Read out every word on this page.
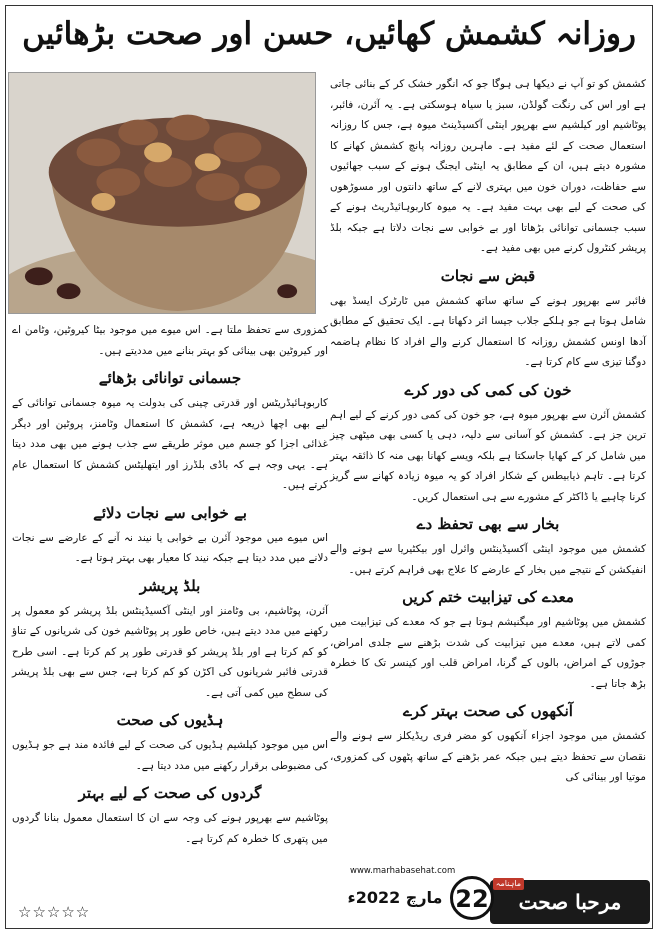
روزانہ کشمش کھائیں، حسن اور صحت بڑھائیں

کشمش کو تو آپ نے دیکھا ہی ہوگا جو کہ انگور خشک کر کے بنائی جاتی ہے اور اس کی رنگت گولڈن، سبز یا سیاہ ہوسکتی ہے۔ یہ آئرن، فائبر، پوٹاشیم اور کیلشیم سے بھرپور اینٹی آکسیڈینٹ میوہ ہے، جس کا روزانہ استعمال صحت کے لئے مفید ہے۔ ماہرین روزانہ پانچ کشمش کھانے کا مشورہ دیتے ہیں، ان کے مطابق یہ اینٹی ایجنگ ہونے کے سبب جھائیوں سے حفاظت، دوران خون میں بہتری لانے کے ساتھ دانتوں اور مسوڑھوں کی صحت کے لیے بھی بہت مفید ہے۔ یہ میوہ کاربوہائیڈریٹ ہونے کے سبب جسمانی توانائی بڑھاتا اور بے خوابی سے نجات دلاتا ہے جبکہ بلڈ پریشر کنٹرول کرنے میں بھی مفید ہے۔

قبض سے نجات

فائبر سے بھرپور ہونے کے ساتھ ساتھ کشمش میں ٹارٹرک ایسڈ بھی شامل ہوتا ہے جو ہلکے جلاب جیسا اثر دکھاتا ہے۔ ایک تحقیق کے مطابق آدھا اونس کشمش روزانہ کا استعمال کرنے والے افراد کا نظام ہاضمہ دوگنا تیزی سے کام کرتا ہے۔

خون کی کمی کی دور کرے

کشمش آئرن سے بھرپور میوہ ہے، جو خون کی کمی دور کرنے کے لیے اہم ترین جز ہے۔ کشمش کو آسانی سے دلیہ، دہی یا کسی بھی میٹھی چیز میں شامل کر کے کھایا جاسکتا ہے بلکہ ویسے کھانا بھی منہ کا ذائقہ بہتر کرتا ہے۔ تاہم ذیابیطس کے شکار افراد کو یہ میوہ زیادہ کھانے سے گریز کرنا چاہیے یا ڈاکٹر کے مشورے سے ہی استعمال کریں۔

بخار سے بھی تحفظ دے

کشمش میں موجود اینٹی آکسیڈینٹس وائرل اور بیکٹیریا سے ہونے والے انفیکشن کے نتیجے میں بخار کے عارضے کا علاج بھی فراہم کرتے ہیں۔

معدے کی تیزابیت ختم کریں

کشمش میں پوٹاشیم اور میگنیشم ہوتا ہے جو کہ معدے کی تیزابیت میں کمی لاتے ہیں، معدے میں تیزابیت کی شدت بڑھنے سے جلدی امراض، جوڑوں کے امراض، بالوں کے گرنا، امراض قلب اور کینسر تک کا خطرہ بڑھ جاتا ہے۔

آنکھوں کی صحت بہتر کرے

کشمش میں موجود اجزاء آنکھوں کو مضر فری ریڈیکلز سے ہونے والے نقصان سے تحفظ دیتے ہیں جبکہ عمر بڑھنے کے ساتھ پٹھوں کی کمزوری، موتیا اور بینائی کی

کمزوری سے تحفظ ملتا ہے۔ اس میوے میں موجود بیٹا کیروٹین، وٹامن اے اور کیروٹین بھی بینائی کو بہتر بنانے میں مددیتے ہیں۔

جسمانی توانائی بڑھائے

کاربوہائیڈریٹس اور قدرتی چینی کی بدولت یہ میوہ جسمانی توانائی کے لیے بھی اچھا ذریعہ ہے، کشمش کا استعمال وٹامنز، پروٹین اور دیگر غذائی اجزا کو جسم میں موثر طریقے سے جذب ہونے میں بھی مدد دیتا ہے۔ یہی وجہ ہے کہ باڈی بلڈرز اور ایتھلیٹس کشمش کا استعمال عام کرتے ہیں۔

بے خوابی سے نجات دلائے

اس میوے میں موجود آئرن بے خوابی یا نیند نہ آنے کے عارضے سے نجات دلانے میں مدد دیتا ہے جبکہ نیند کا معیار بھی بہتر ہوتا ہے۔

بلڈ پریشر

آئرن، پوٹاشیم، بی وٹامنز اور اینٹی آکسیڈینٹس بلڈ پریشر کو معمول پر رکھنے میں مدد دیتے ہیں، خاص طور پر پوٹاشیم خون کی شریانوں کے تناؤ کو کم کرتا ہے اور بلڈ پریشر کو قدرتی طور پر کم کرتا ہے۔ اسی طرح قدرتی فائبر شریانوں کی اکڑن کو کم کرتا ہے، جس سے بھی بلڈ پریشر کی سطح میں کمی آتی ہے۔

ہڈیوں کی صحت

اس میں موجود کیلشیم ہڈیوں کی صحت کے لیے فائدہ مند ہے جو ہڈیوں کی مضبوطی برقرار رکھنے میں مدد دیتا ہے۔

گردوں کی صحت کے لیے بہتر

پوٹاشیم سے بھرپور ہونے کی وجہ سے ان کا استعمال معمول بنانا گردوں میں پتھری کا خطرہ کم کرتا ہے۔

☆☆☆☆☆
www.marhabasehat.com
مرحبا صحت
ماہنامہ
22
مارچ 2022ء
